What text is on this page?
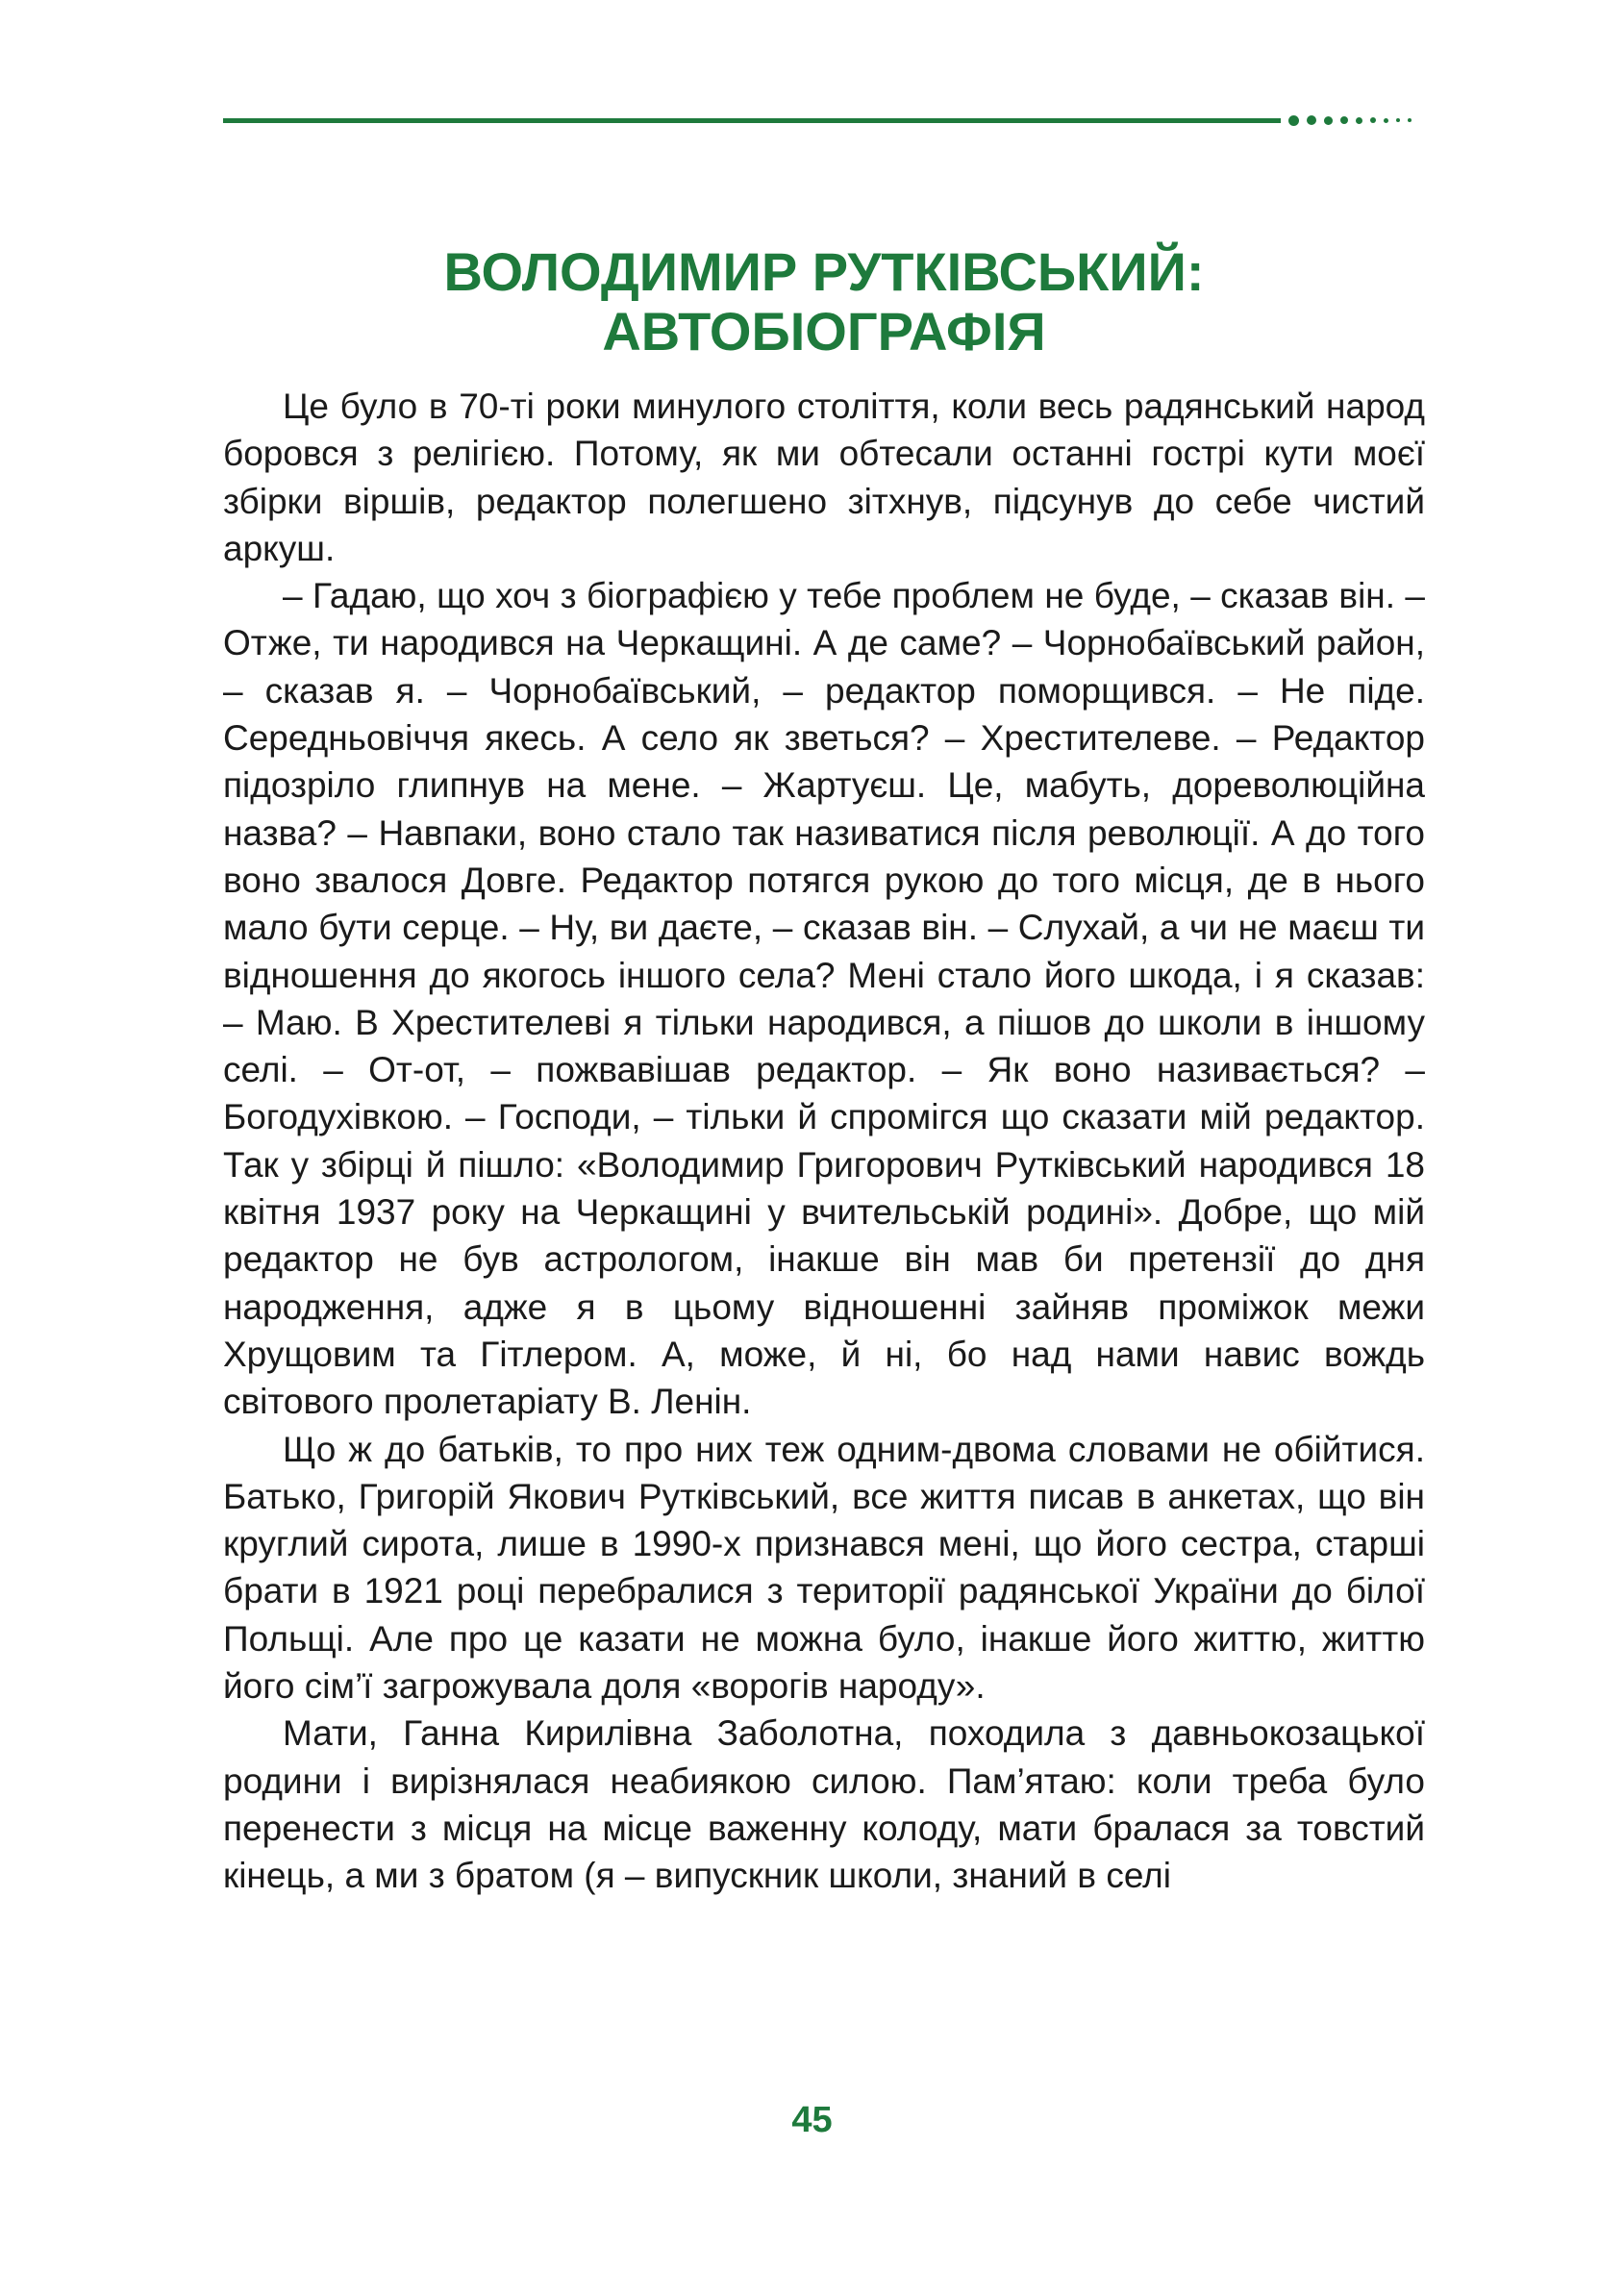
ВОЛОДИМИР РУТКІВСЬКИЙ:
АВТОБІОГРАФІЯ

Це було в 70-ті роки минулого століття, коли весь радянський народ боровся з релігією. Потому, як ми обтесали останні гострі кути моєї збірки віршів, редактор полегшено зітхнув, підсунув до себе чистий аркуш.

– Гадаю, що хоч з біографією у тебе проблем не буде, – сказав він. – Отже, ти народився на Черкащині. А де саме? – Чорнобаївський район, – сказав я. – Чорнобаївський, – редактор поморщився. – Не піде. Середньовіччя якесь. А село як зветься? – Хрестителеве. – Редактор підозріло глипнув на мене. – Жартуєш. Це, мабуть, дореволюційна назва? – Навпаки, воно стало так називатися після революції. А до того воно звалося Довге. Редактор потягся рукою до того місця, де в нього мало бути серце. – Ну, ви даєте, – сказав він. – Слухай, а чи не маєш ти відношення до якогось іншого села? Мені стало його шкода, і я сказав: – Маю. В Хрестителеві я тільки народився, а пішов до школи в іншому селі. – От-от, – пожвавішав редактор. – Як воно називається? – Богодухівкою. – Господи, – тільки й спромігся що сказати мій редактор. Так у збірці й пішло: «Володимир Григорович Рутківський народився 18 квітня 1937 року на Черкащині у вчительській родині». Добре, що мій редактор не був астрологом, інакше він мав би претензії до дня народження, адже я в цьому відношенні зайняв проміжок межи Хрущовим та Гітлером. А, може, й ні, бо над нами навис вождь світового пролетаріату В. Ленін.

Що ж до батьків, то про них теж одним-двома словами не обійтися. Батько, Григорій Якович Рутківський, все життя писав в анкетах, що він круглий сирота, лише в 1990-х признався мені, що його сестра, старші брати в 1921 році перебралися з території радянської України до білої Польщі. Але про це казати не можна було, інакше його життю, життю його сім’ї загрожувала доля «ворогів народу».

Мати, Ганна Кирилівна Заболотна, походила з давньокозацької родини і вирізнялася неабиякою силою. Пам’ятаю: коли треба було перенести з місця на місце важенну колоду, мати бралася за товстий кінець, а ми з братом (я – випускник школи, знаний в селі

45
